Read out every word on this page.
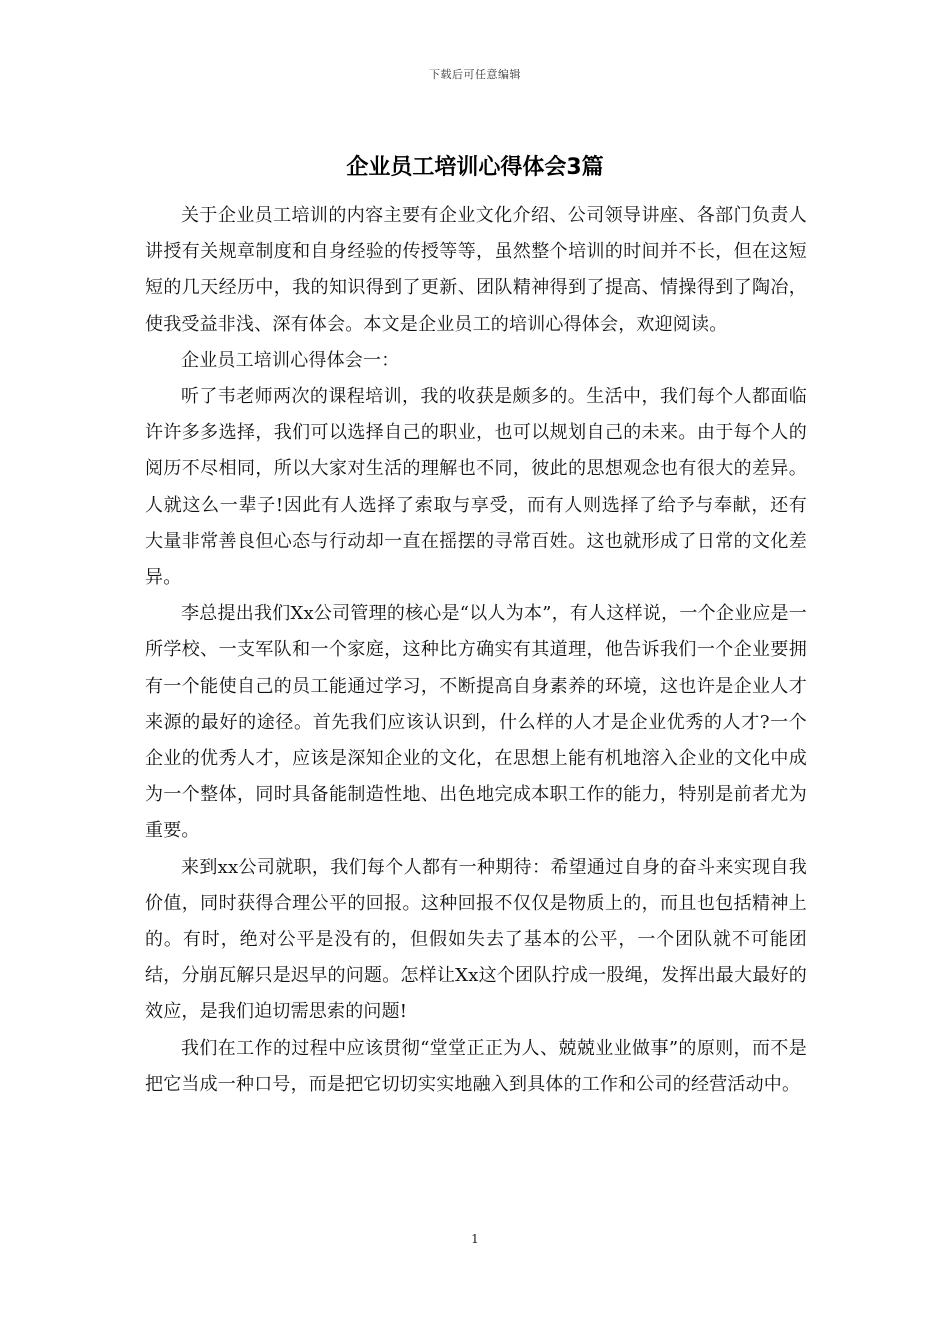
下载后可任意编辑
企业员工培训心得体会3篇

关于企业员工培训的内容主要有企业文化介绍、公司领导讲座、各部门负责人讲授有关规章制度和自身经验的传授等等，虽然整个培训的时间并不长，但在这短短的几天经历中，我的知识得到了更新、团队精神得到了提高、情操得到了陶冶，使我受益非浅、深有体会。本文是企业员工的培训心得体会，欢迎阅读。

企业员工培训心得体会一：

听了韦老师两次的课程培训，我的收获是颇多的。生活中，我们每个人都面临许许多多选择，我们可以选择自己的职业，也可以规划自己的未来。由于每个人的阅历不尽相同，所以大家对生活的理解也不同，彼此的思想观念也有很大的差异。人就这么一辈子!因此有人选择了索取与享受，而有人则选择了给予与奉献，还有大量非常善良但心态与行动却一直在摇摆的寻常百姓。这也就形成了日常的文化差异。

李总提出我们Xx公司管理的核心是“以人为本”，有人这样说，一个企业应是一所学校、一支军队和一个家庭，这种比方确实有其道理，他告诉我们一个企业要拥有一个能使自己的员工能通过学习，不断提高自身素养的环境，这也许是企业人才来源的最好的途径。首先我们应该认识到，什么样的人才是企业优秀的人才?一个企业的优秀人才，应该是深知企业的文化，在思想上能有机地溶入企业的文化中成为一个整体，同时具备能制造性地、出色地完成本职工作的能力，特别是前者尤为重要。

来到xx公司就职，我们每个人都有一种期待：希望通过自身的奋斗来实现自我价值，同时获得合理公平的回报。这种回报不仅仅是物质上的，而且也包括精神上的。有时，绝对公平是没有的，但假如失去了基本的公平，一个团队就不可能团结，分崩瓦解只是迟早的问题。怎样让Xx这个团队拧成一股绳，发挥出最大最好的效应，是我们迫切需思索的问题!

我们在工作的过程中应该贯彻“堂堂正正为人、兢兢业业做事”的原则，而不是把它当成一种口号，而是把它切切实实地融入到具体的工作和公司的经营活动中。

1
